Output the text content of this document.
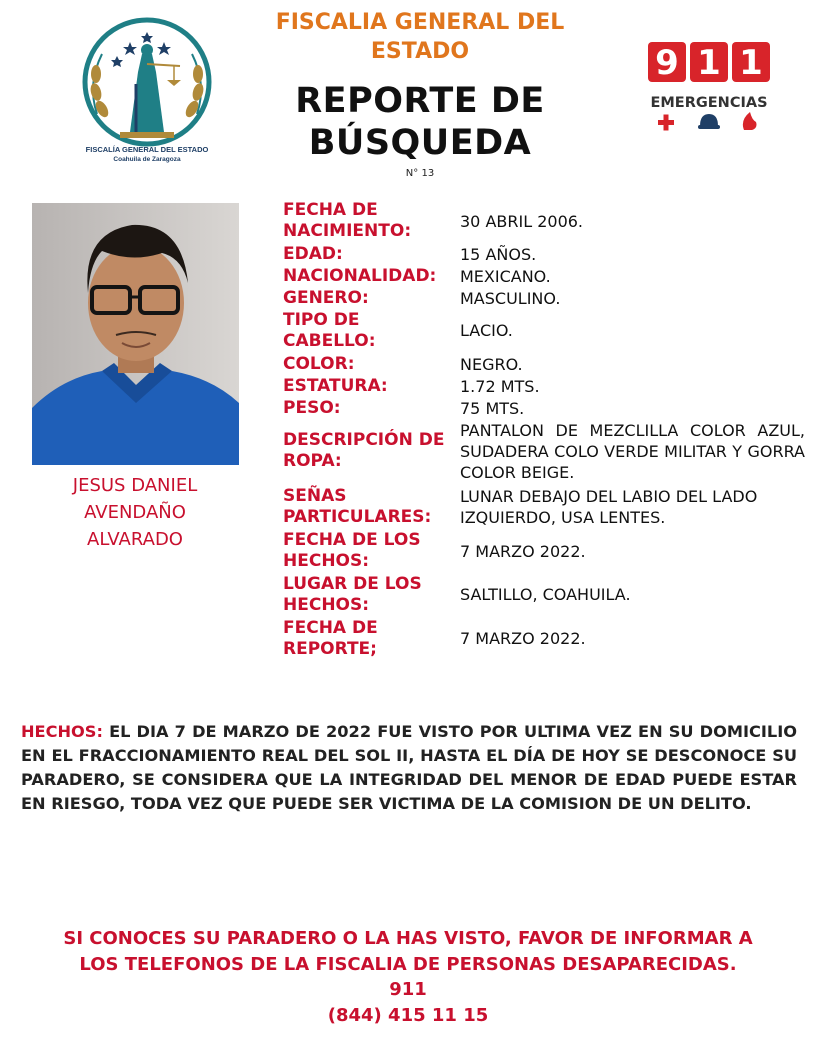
FISCALÍA GENERAL DEL ESTADO
Coahuila de Zaragoza
FISCALIA GENERAL DEL
ESTADO
REPORTE DE
BÚSQUEDA
N° 13
9 1 1
EMERGENCIAS
JESUS DANIEL
AVENDAÑO
ALVARADO
FECHA DE
NACIMIENTO:	30 ABRIL 2006.
EDAD:	15 AÑOS.
NACIONALIDAD:	MEXICANO.
GENERO:	MASCULINO.
TIPO DE
CABELLO:
LACIO.
COLOR:	NEGRO.
ESTATURA:	1.72 MTS.
PESO:	75 MTS.
DESCRIPCIÓN DE
ROPA:
PANTALON DE MEZCLILLA COLOR AZUL, SUDADERA COLO VERDE MILITAR Y GORRA COLOR BEIGE.
SEÑAS
PARTICULARES:
LUNAR DEBAJO DEL LABIO DEL LADO IZQUIERDO, USA LENTES.
FECHA DE LOS
HECHOS:	7 MARZO 2022.
LUGAR DE LOS
HECHOS:
SALTILLO, COAHUILA.
FECHA DE
REPORTE;
7 MARZO 2022.
HECHOS: EL DIA 7 DE MARZO DE 2022 FUE VISTO POR ULTIMA VEZ EN SU DOMICILIO EN EL FRACCIONAMIENTO REAL DEL SOL II, HASTA EL DÍA DE HOY SE DESCONOCE SU PARADERO, SE CONSIDERA QUE LA INTEGRIDAD DEL MENOR DE EDAD PUEDE ESTAR EN RIESGO, TODA VEZ QUE PUEDE SER VICTIMA DE LA COMISION DE UN DELITO.
SI CONOCES SU PARADERO O LA HAS VISTO, FAVOR DE INFORMAR A
LOS TELEFONOS DE LA FISCALIA DE PERSONAS DESAPARECIDAS.
911
(844) 415 11 15
